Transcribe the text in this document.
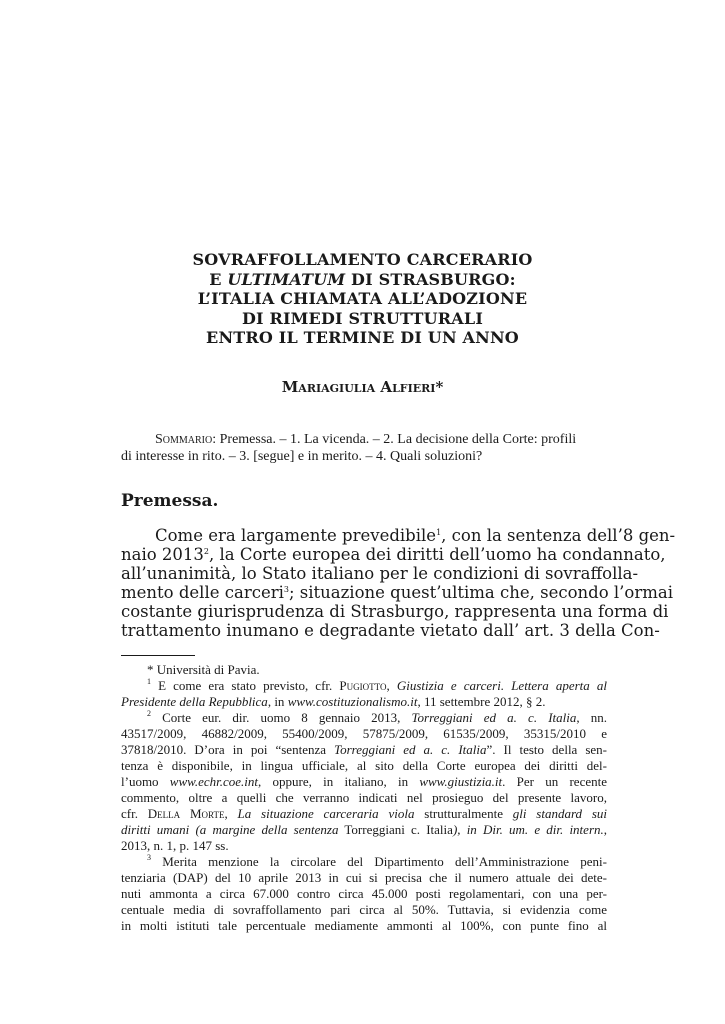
SOVRAFFOLLAMENTO CARCERARIO
E ULTIMATUM DI STRASBURGO:
L’ITALIA CHIAMATA ALL’ADOZIONE
DI RIMEDI STRUTTURALI
ENTRO IL TERMINE DI UN ANNO
Mariagiulia Alfieri*
Sommario: Premessa. – 1. La vicenda. – 2. La decisione della Corte: profili
di interesse in rito. – 3. [segue] e in merito. – 4. Quali soluzioni?
Premessa.
Come era largamente prevedibile$^1$, con la sentenza dell’8 gen-
naio 2013$^2$, la Corte europea dei diritti dell’uomo ha condannato,
all’unanimità, lo Stato italiano per le condizioni di sovraffolla-
mento delle carceri$^3$; situazione quest’ultima che, secondo l’ormai
costante giurisprudenza di Strasburgo, rappresenta una forma di
trattamento inumano e degradante vietato dall’ art. 3 della Con-
* Università di Pavia.
$^1$ E come era stato previsto, cfr. Pugiotto, Giustizia e carceri. Lettera aperta al
Presidente della Repubblica, in www.costituzionalismo.it, 11 settembre 2012, § 2.
$^2$ Corte eur. dir. uomo 8 gennaio 2013, Torreggiani ed a. c. Italia, nn.
43517/2009, 46882/2009, 55400/2009, 57875/2009, 61535/2009, 35315/2010 e
37818/2010. D’ora in poi “sentenza Torreggiani ed a. c. Italia”. Il testo della sen-
tenza è disponibile, in lingua ufficiale, al sito della Corte europea dei diritti del-
l’uomo www.echr.coe.int, oppure, in italiano, in www.giustizia.it. Per un recente
commento, oltre a quelli che verranno indicati nel prosieguo del presente lavoro,
cfr. Della Morte, La situazione carceraria viola strutturalmente gli standard sui
diritti umani (a margine della sentenza Torreggiani c. Italia), in Dir. um. e dir. intern.,
2013, n. 1, p. 147 ss.
$^3$ Merita menzione la circolare del Dipartimento dell’Amministrazione peni-
tenziaria (DAP) del 10 aprile 2013 in cui si precisa che il numero attuale dei dete-
nuti ammonta a circa 67.000 contro circa 45.000 posti regolamentari, con una per-
centuale media di sovraffollamento pari circa al 50%. Tuttavia, si evidenzia come
in molti istituti tale percentuale mediamente ammonti al 100%, con punte fino al
